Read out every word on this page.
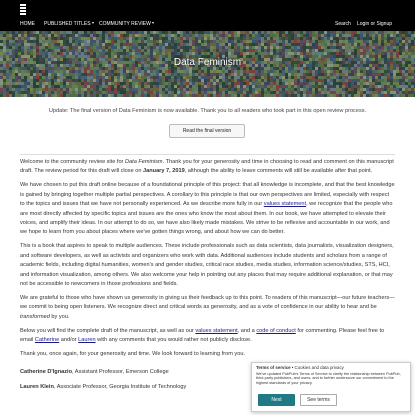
HOME PUBLISHED TITLES	COMMUNITY REVIEW	Search Login or Signup
Data Feminism
Update: The final version of Data Feminism is now available. Thank you to all readers who took part in this open review process.
Read the final version

Welcome to the community review site for Data Feminism. Thank you for your generosity and time in choosing to read and comment on this manuscript draft. The review period for this draft will close on January 7, 2019, although the ability to leave comments will still be available after that point.

We have chosen to put this draft online because of a foundational principle of this project: that all knowledge is incomplete, and that the best knowledge is gained by bringing together multiple partial perspectives. A corollary to this principle is that our own perspectives are limited, especially with respect to the topics and issues that we have not personally experienced. As we describe more fully in our values statement, we recognize that the people who are most directly affected by specific topics and issues are the ones who know the most about them. In our book, we have attempted to elevate their voices, and amplify their ideas. In our attempt to do so, we have also likely made mistakes. We strive to be reflexive and accountable in our work, and we hope to learn from you about places where we've gotten things wrong, and about how we can do better.

This is a book that aspires to speak to multiple audiences. These include professionals such as data scientists, data journalists, visualization designers, and software developers, as well as activists and organizers who work with data. Additional audiences include students and scholars from a range of academic fields, including digital humanities, women's and gender studies, critical race studies, media studies, information science/studies, STS, HCI, and information visualization, among others. We also welcome your help in pointing out any places that may require additional explanation, or that may not be accessible to newcomers in those professions and fields.

We are grateful to those who have shown us generosity in giving us their feedback up to this point. To readers of this manuscript—our future teachers—we commit to being open listeners. We recognize direct and critical words as generosity, and as a vote of confidence in our ability to hear and be transformed by you.

Below you will find the complete draft of the manuscript, as well as our values statement, and a code of conduct for commenting. Please feel free to email Catherine and/or Lauren with any comments that you would rather not publicly disclose.

Thank you, once again, for your generosity and time. We look forward to learning from you.

Catherine D'Ignazio, Assistant Professor, Emerson College

Lauren Klein, Associate Professor, Georgia Institute of Technology

Terms of service • Cookies and data privacy
We've updated PubPub's Terms of Service to clarify the relationship between PubPub, third-party publishers, and users, and to further underscore our commitment to the highest standards of your privacy.
Next	See terms
